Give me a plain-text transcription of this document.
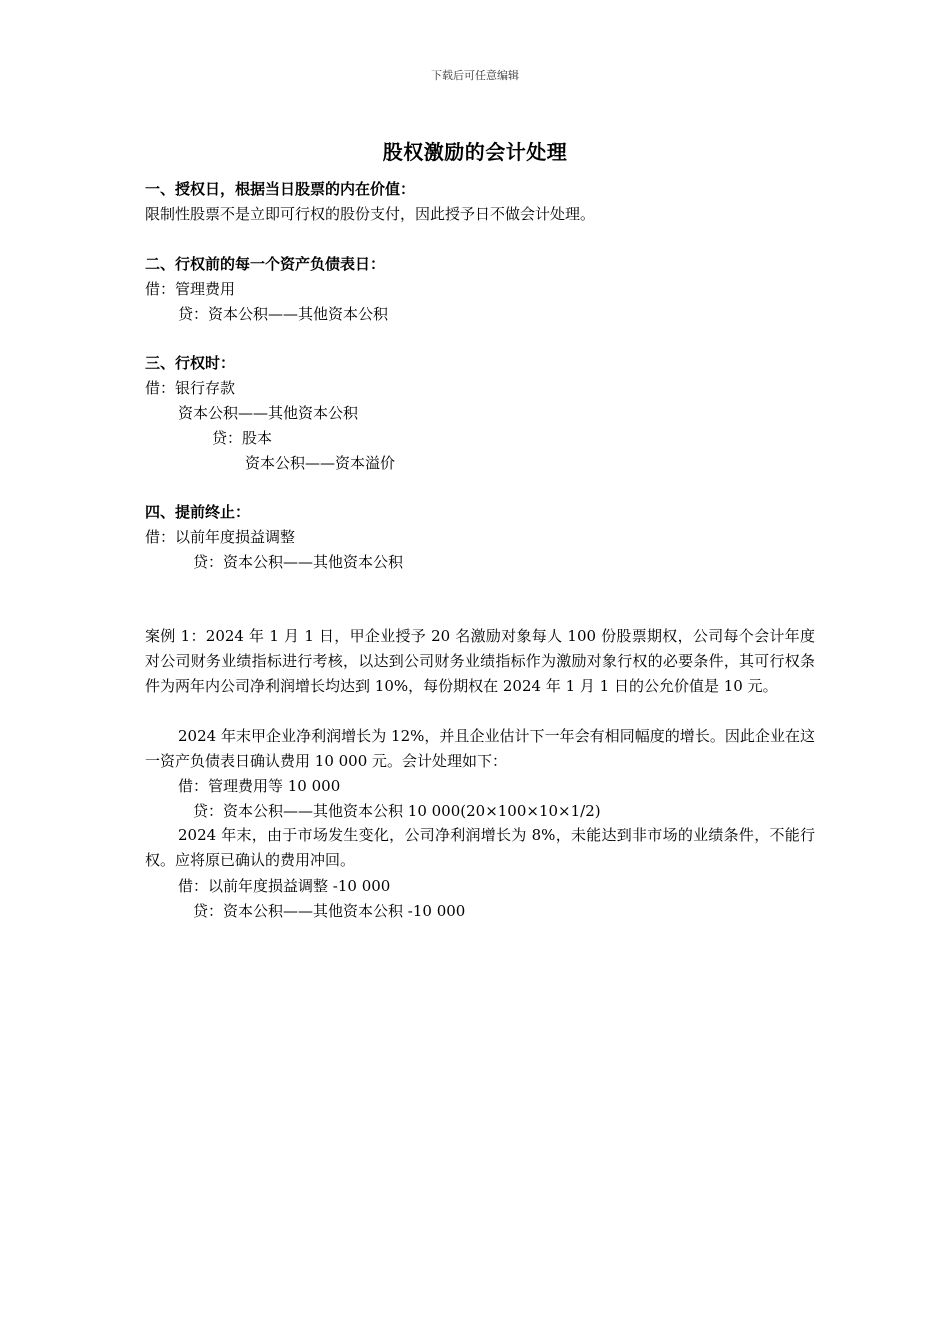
下载后可任意编辑
股权激励的会计处理
一、授权日，根据当日股票的内在价值：
限制性股票不是立即可行权的股份支付，因此授予日不做会计处理。
二、行权前的每一个资产负债表日：
借：管理费用
贷：资本公积——其他资本公积
三、行权时：
借：银行存款
资本公积——其他资本公积
贷：股本
资本公积——资本溢价
四、提前终止：
借：以前年度损益调整
贷：资本公积——其他资本公积
案例 1：2024 年 1 月 1 日，甲企业授予 20 名激励对象每人 100 份股票期权，公司每个会计年度对公司财务业绩指标进行考核，以达到公司财务业绩指标作为激励对象行权的必要条件，其可行权条件为两年内公司净利润增长均达到 10%，每份期权在 2024 年 1 月 1 日的公允价值是 10 元。
2024 年末甲企业净利润增长为 12%，并且企业估计下一年会有相同幅度的增长。因此企业在这一资产负债表日确认费用 10 000 元。会计处理如下：
借：管理费用等 10 000
贷：资本公积——其他资本公积 10 000(20×100×10×1/2)
2024 年末，由于市场发生变化，公司净利润增长为 8%，未能达到非市场的业绩条件，不能行权。应将原已确认的费用冲回。
借：以前年度损益调整 -10 000
贷：资本公积——其他资本公积 -10 000
